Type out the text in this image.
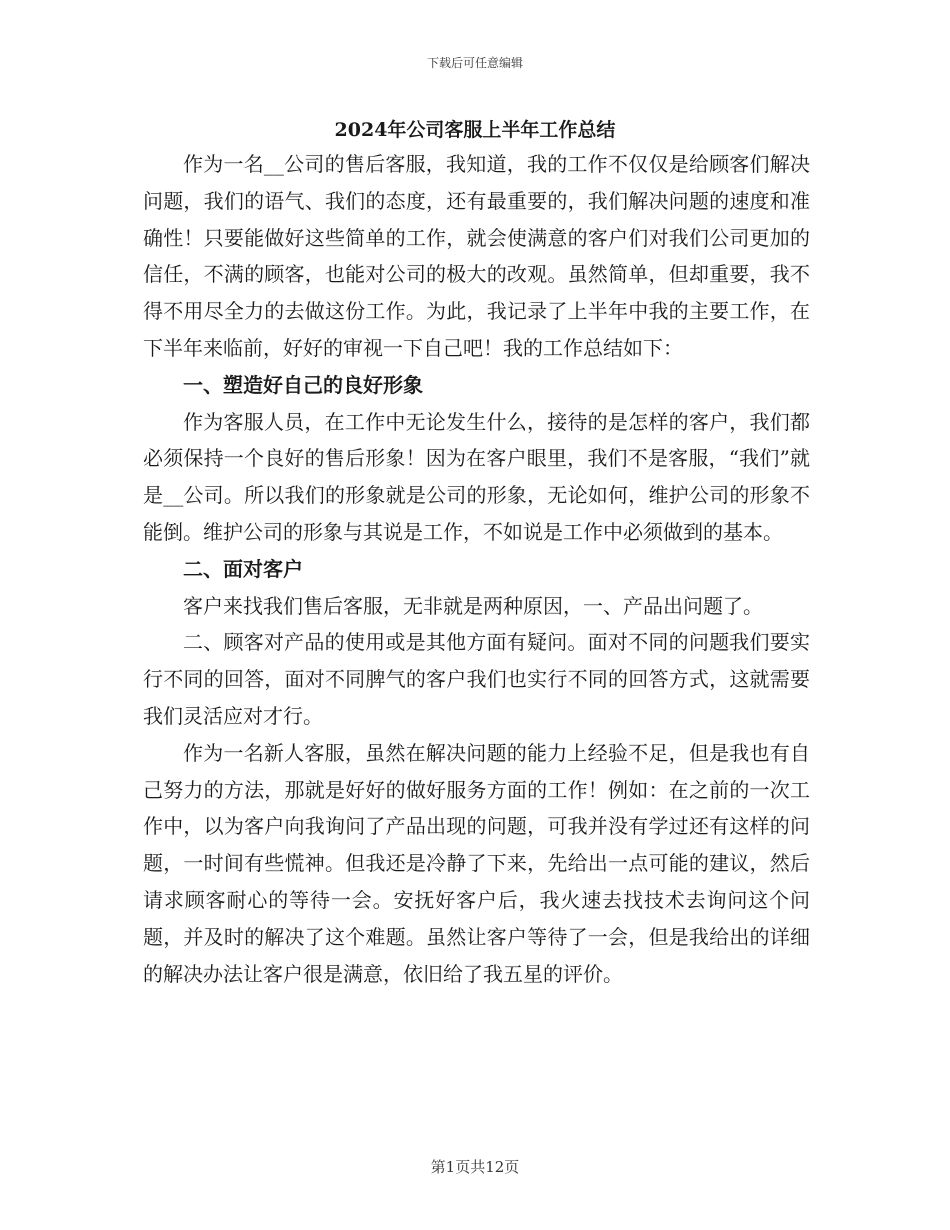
下载后可任意编辑
2024年公司客服上半年工作总结

作为一名__公司的售后客服，我知道，我的工作不仅仅是给顾客们解决问题，我们的语气、我们的态度，还有最重要的，我们解决问题的速度和准确性！只要能做好这些简单的工作，就会使满意的客户们对我们公司更加的信任，不满的顾客，也能对公司的极大的改观。虽然简单，但却重要，我不得不用尽全力的去做这份工作。为此，我记录了上半年中我的主要工作，在下半年来临前，好好的审视一下自己吧！我的工作总结如下：

一、塑造好自己的良好形象

作为客服人员，在工作中无论发生什么，接待的是怎样的客户，我们都必须保持一个良好的售后形象！因为在客户眼里，我们不是客服，“我们”就是__公司。所以我们的形象就是公司的形象，无论如何，维护公司的形象不能倒。维护公司的形象与其说是工作，不如说是工作中必须做到的基本。

二、面对客户

客户来找我们售后客服，无非就是两种原因，一、产品出问题了。

二、顾客对产品的使用或是其他方面有疑问。面对不同的问题我们要实行不同的回答，面对不同脾气的客户我们也实行不同的回答方式，这就需要我们灵活应对才行。

作为一名新人客服，虽然在解决问题的能力上经验不足，但是我也有自己努力的方法，那就是好好的做好服务方面的工作！例如：在之前的一次工作中，以为客户向我询问了产品出现的问题，可我并没有学过还有这样的问题，一时间有些慌神。但我还是冷静了下来，先给出一点可能的建议，然后请求顾客耐心的等待一会。安抚好客户后，我火速去找技术去询问这个问题，并及时的解决了这个难题。虽然让客户等待了一会，但是我给出的详细的解决办法让客户很是满意，依旧给了我五星的评价。

第1页共12页
